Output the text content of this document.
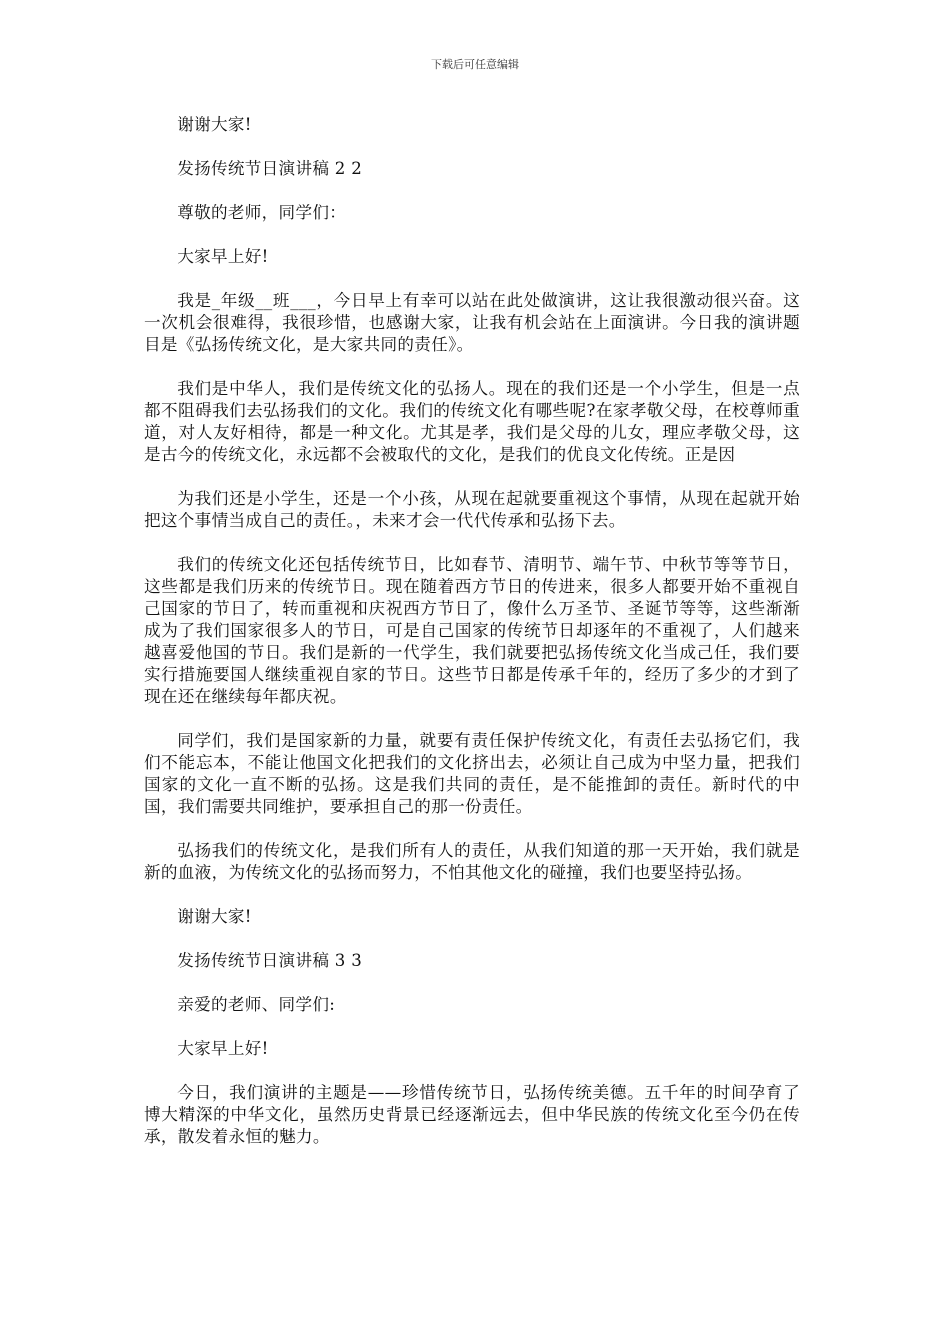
下载后可任意编辑

谢谢大家!

发扬传统节日演讲稿 2 2

尊敬的老师，同学们：

大家早上好!

我是_年级__班___，今日早上有幸可以站在此处做演讲，这让我很激动很兴奋。这一次机会很难得，我很珍惜，也感谢大家，让我有机会站在上面演讲。今日我的演讲题目是《弘扬传统文化，是大家共同的责任》。

我们是中华人，我们是传统文化的弘扬人。现在的我们还是一个小学生，但是一点都不阻碍我们去弘扬我们的文化。我们的传统文化有哪些呢?在家孝敬父母，在校尊师重道，对人友好相待，都是一种文化。尤其是孝，我们是父母的儿女，理应孝敬父母，这是古今的传统文化，永远都不会被取代的文化，是我们的优良文化传统。正是因

为我们还是小学生，还是一个小孩，从现在起就要重视这个事情，从现在起就开始把这个事情当成自己的责任。，未来才会一代代传承和弘扬下去。

我们的传统文化还包括传统节日，比如春节、清明节、端午节、中秋节等等节日，这些都是我们历来的传统节日。现在随着西方节日的传进来，很多人都要开始不重视自己国家的节日了，转而重视和庆祝西方节日了，像什么万圣节、圣诞节等等，这些渐渐成为了我们国家很多人的节日，可是自己国家的传统节日却逐年的不重视了，人们越来越喜爱他国的节日。我们是新的一代学生，我们就要把弘扬传统文化当成己任，我们要实行措施要国人继续重视自家的节日。这些节日都是传承千年的，经历了多少的才到了现在还在继续每年都庆祝。

同学们，我们是国家新的力量，就要有责任保护传统文化，有责任去弘扬它们，我们不能忘本，不能让他国文化把我们的文化挤出去，必须让自己成为中坚力量，把我们国家的文化一直不断的弘扬。这是我们共同的责任，是不能推卸的责任。新时代的中国，我们需要共同维护，要承担自己的那一份责任。

弘扬我们的传统文化，是我们所有人的责任，从我们知道的那一天开始，我们就是新的血液，为传统文化的弘扬而努力，不怕其他文化的碰撞，我们也要坚持弘扬。

谢谢大家!

发扬传统节日演讲稿 3 3

亲爱的老师、同学们:

大家早上好!

今日，我们演讲的主题是——珍惜传统节日，弘扬传统美德。五千年的时间孕育了博大精深的中华文化，虽然历史背景已经逐渐远去，但中华民族的传统文化至今仍在传承，散发着永恒的魅力。
